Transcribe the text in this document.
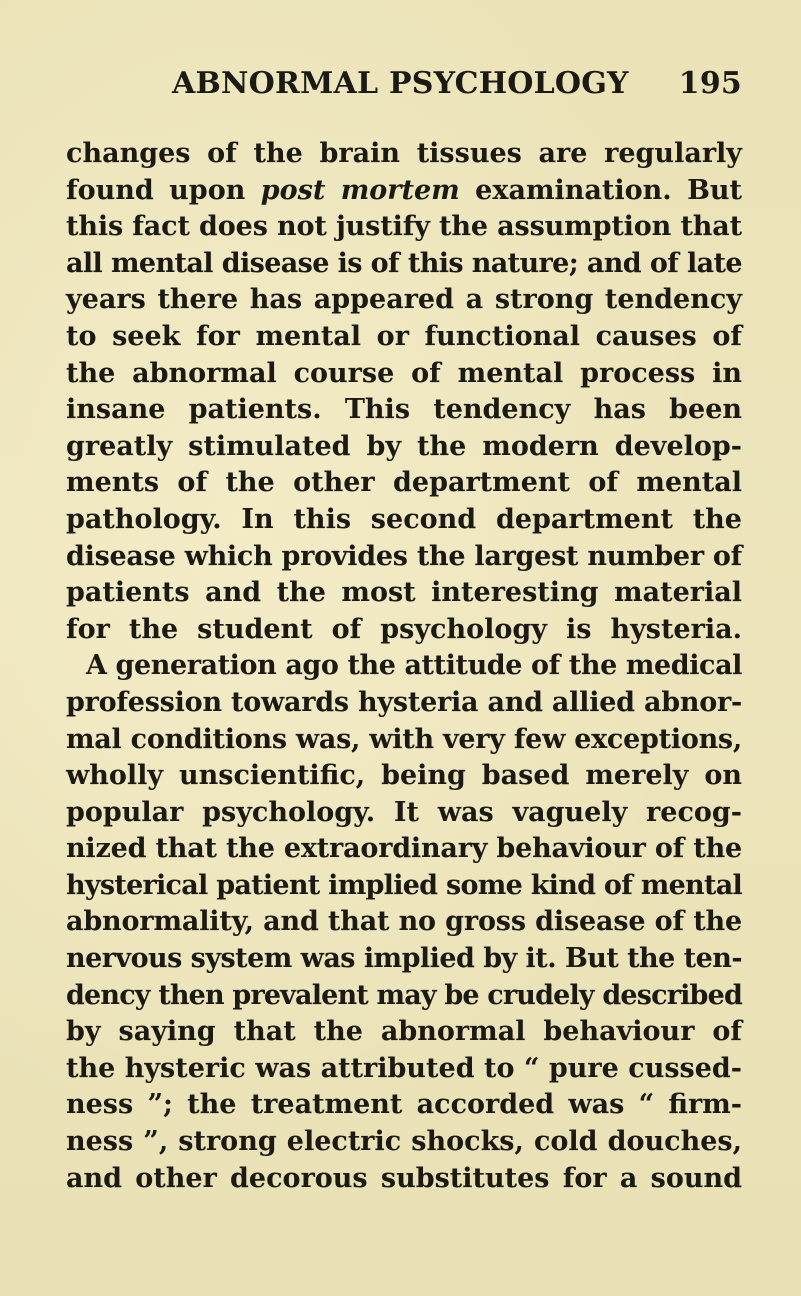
ABNORMAL PSYCHOLOGY 195
changes of the brain tissues are regularly
found upon post mortem examination. But
this fact does not justify the assumption that
all mental disease is of this nature; and of late
years there has appeared a strong tendency
to seek for mental or functional causes of
the abnormal course of mental process in
insane patients. This tendency has been
greatly stimulated by the modern develop-
ments of the other department of mental
pathology. In this second department the
disease which provides the largest number of
patients and the most interesting material
for the student of psychology is hysteria.
A generation ago the attitude of the medical
profession towards hysteria and allied abnor-
mal conditions was, with very few exceptions,
wholly unscientific, being based merely on
popular psychology. It was vaguely recog-
nized that the extraordinary behaviour of the
hysterical patient implied some kind of mental
abnormality, and that no gross disease of the
nervous system was implied by it. But the ten-
dency then prevalent may be crudely described
by saying that the abnormal behaviour of
the hysteric was attributed to “ pure cussed-
ness ”; the treatment accorded was “ firm-
ness ”, strong electric shocks, cold douches,
and other decorous substitutes for a sound
